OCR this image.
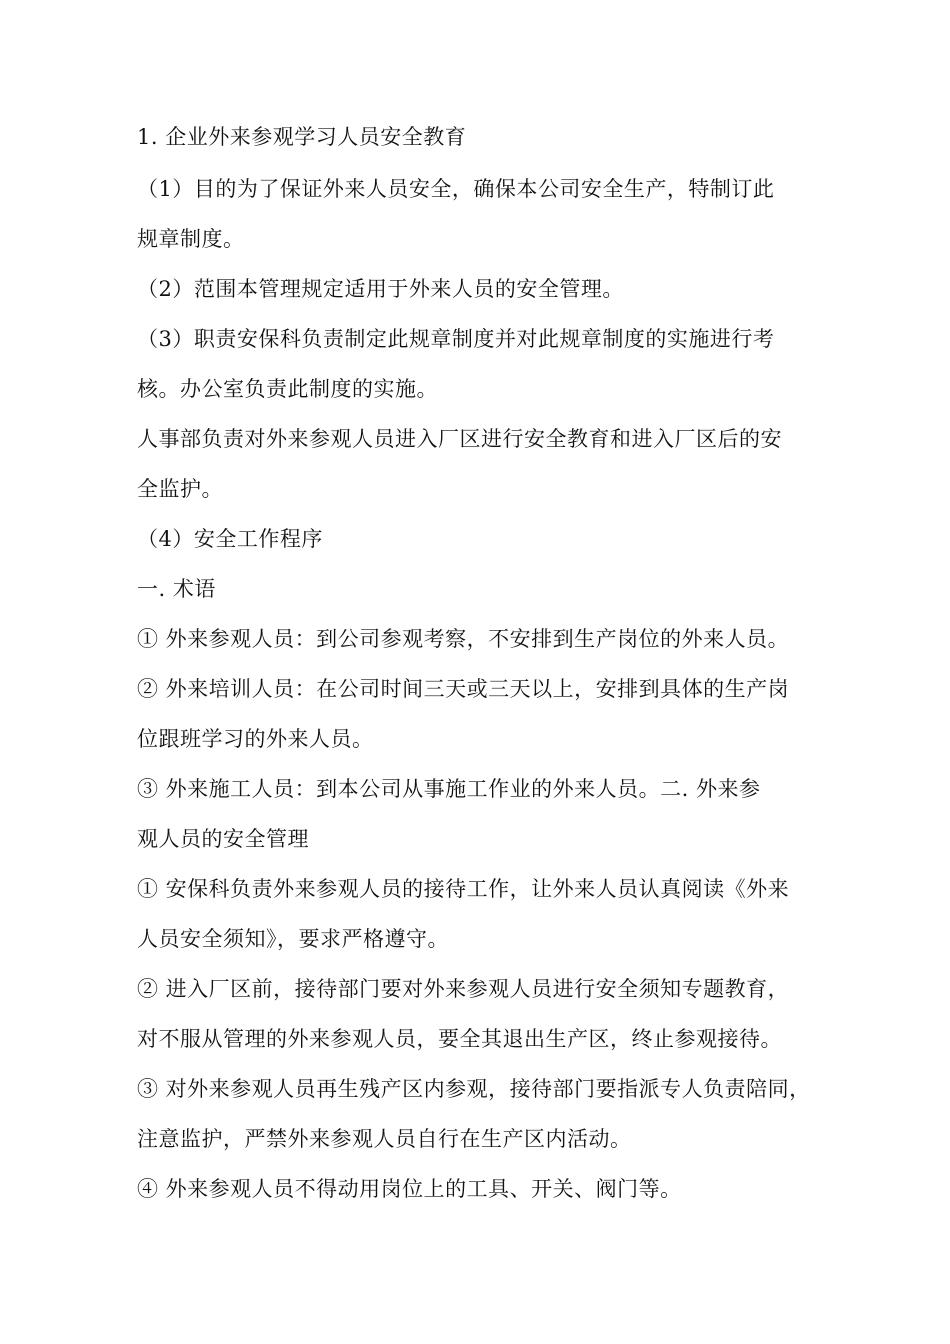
1. 企业外来参观学习人员安全教育
（1）目的为了保证外来人员安全，确保本公司安全生产，特制订此
规章制度。
（2）范围本管理规定适用于外来人员的安全管理。
（3）职责安保科负责制定此规章制度并对此规章制度的实施进行考
核。办公室负责此制度的实施。
人事部负责对外来参观人员进入厂区进行安全教育和进入厂区后的安
全监护。
（4）安全工作程序
一. 术语
① 外来参观人员：到公司参观考察，不安排到生产岗位的外来人员。
② 外来培训人员：在公司时间三天或三天以上，安排到具体的生产岗
位跟班学习的外来人员。
③ 外来施工人员：到本公司从事施工作业的外来人员。二. 外来参
观人员的安全管理
① 安保科负责外来参观人员的接待工作，让外来人员认真阅读《外来
人员安全须知》，要求严格遵守。
② 进入厂区前，接待部门要对外来参观人员进行安全须知专题教育，
对不服从管理的外来参观人员，要全其退出生产区，终止参观接待。
③ 对外来参观人员再生残产区内参观，接待部门要指派专人负责陪同，
注意监护，严禁外来参观人员自行在生产区内活动。
④ 外来参观人员不得动用岗位上的工具、开关、阀门等。
